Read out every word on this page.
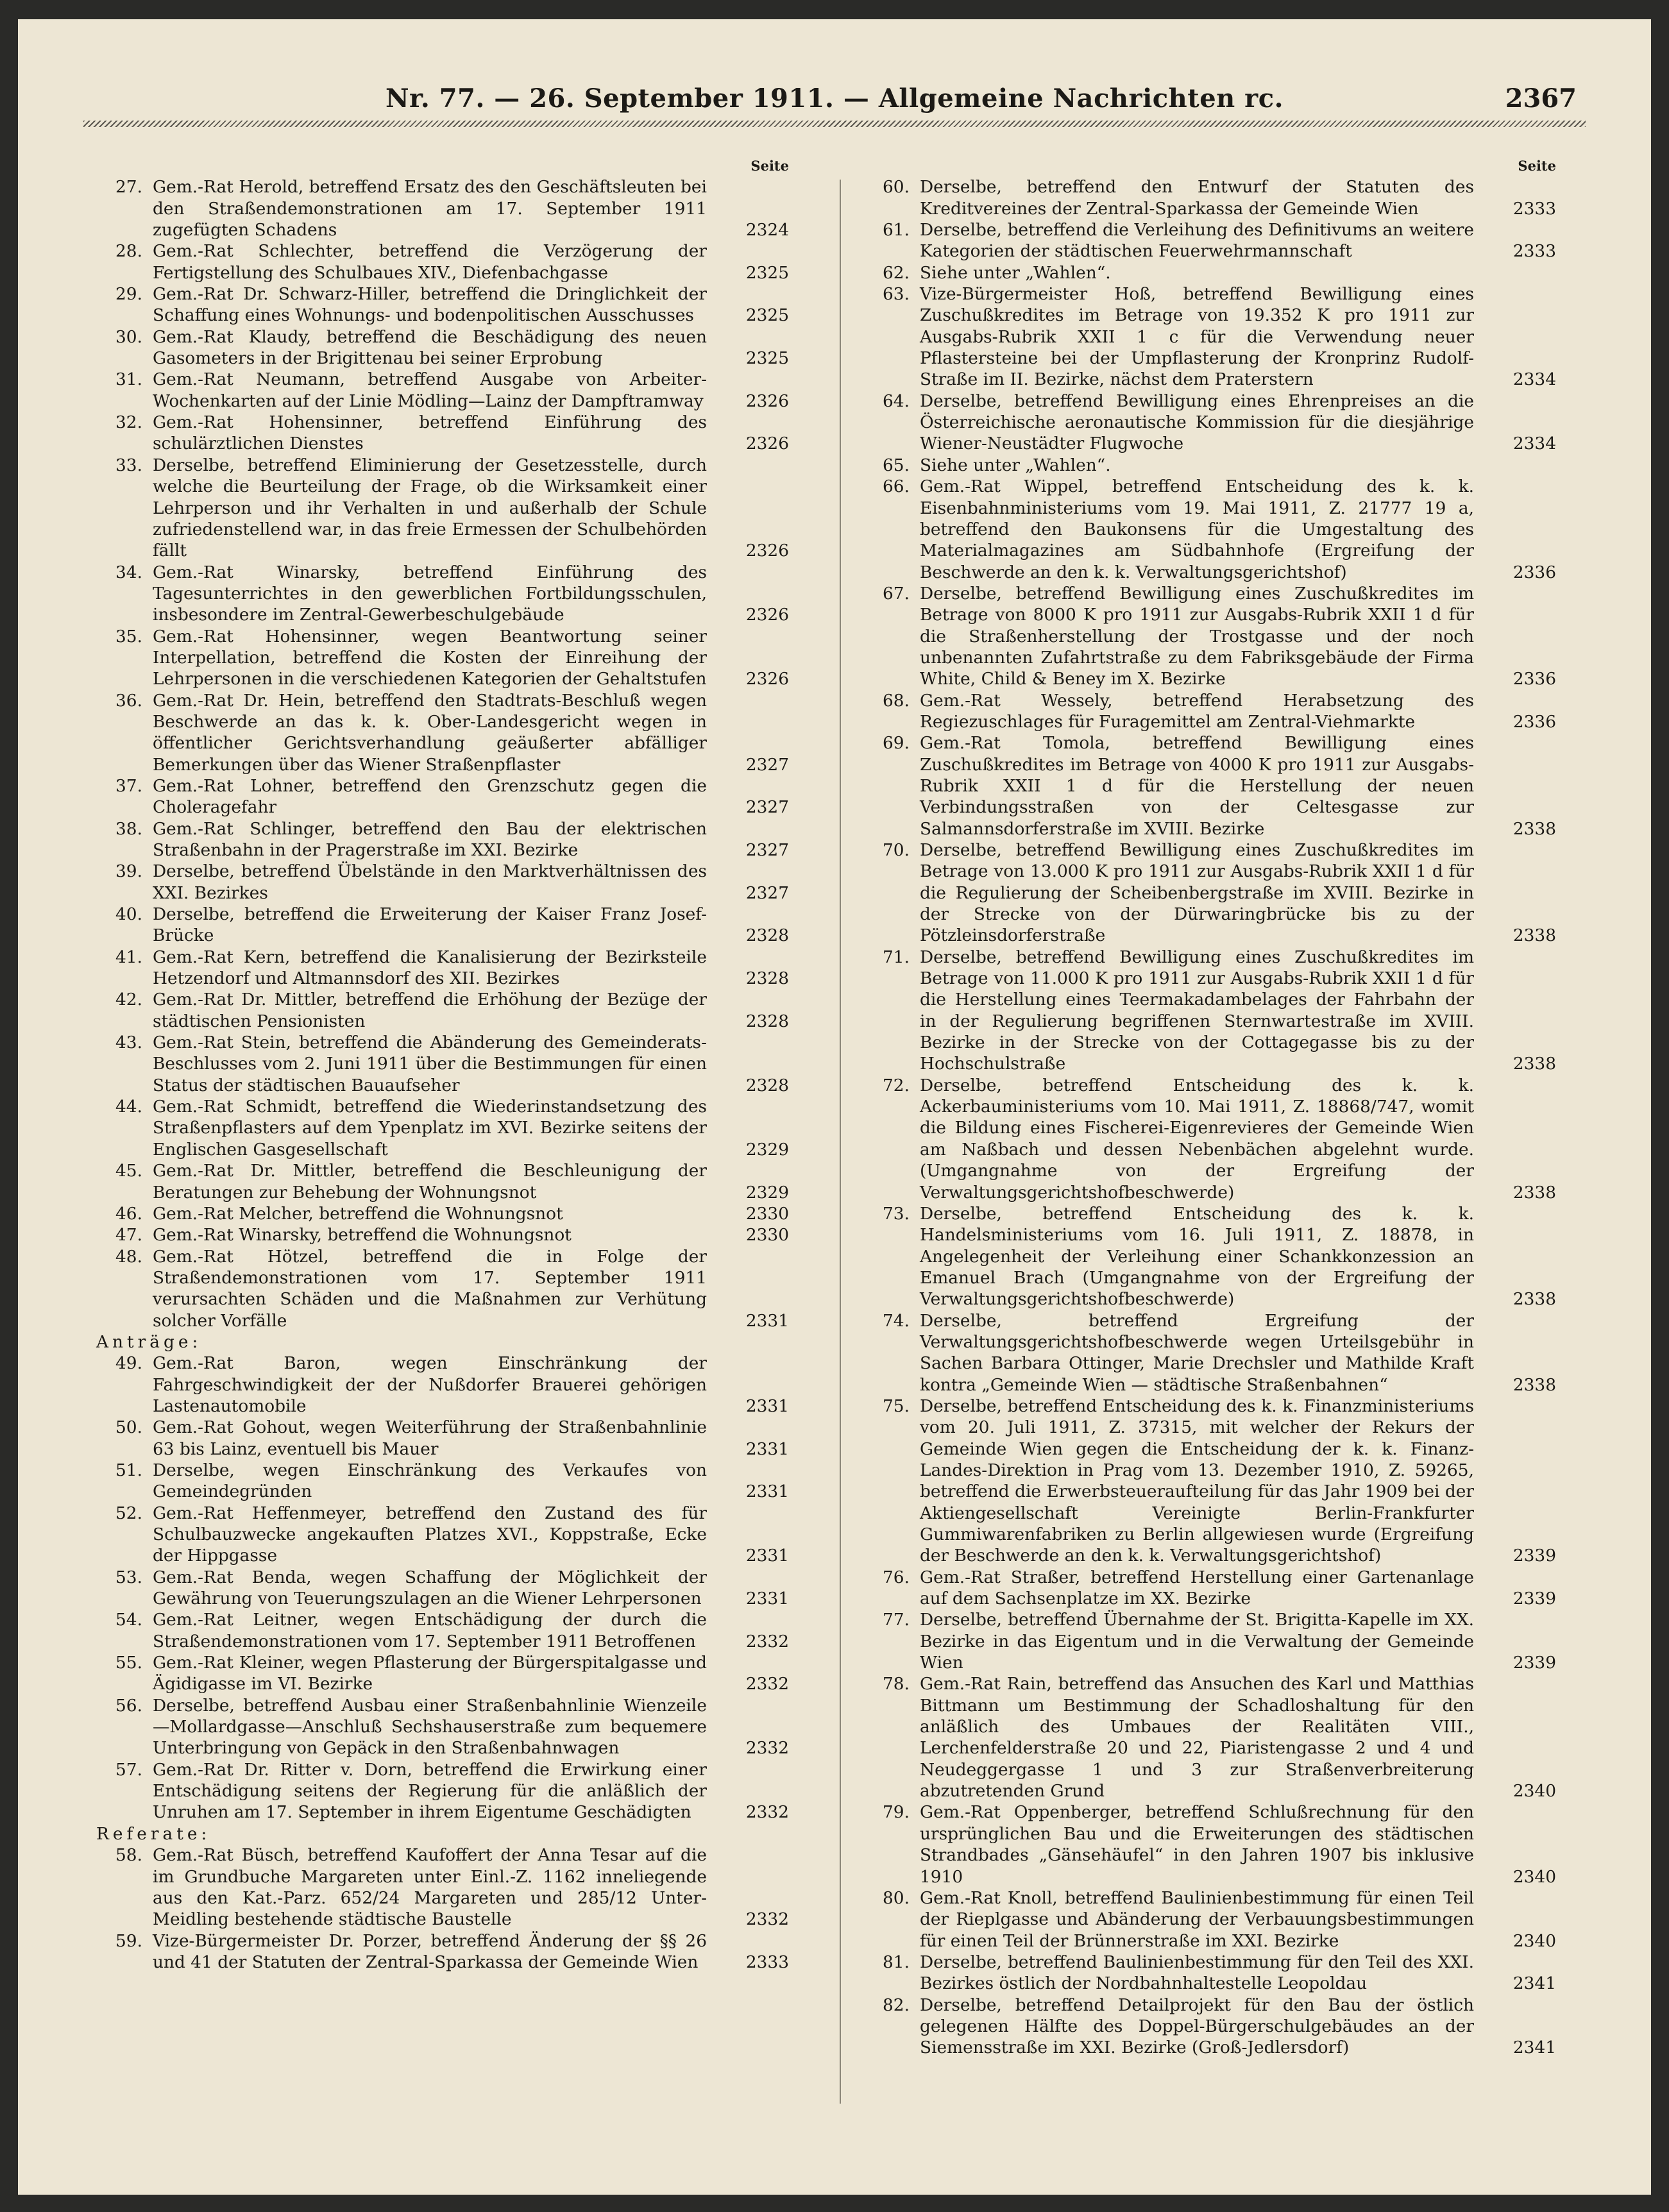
Nr. 77. — 26. September 1911. — Allgemeine Nachrichten rc.	2367
Seite
27. Gem.-Rat Herold, betreffend Ersatz des den Geschäftsleuten bei den Straßendemonstrationen am 17. September 1911 zugefügten Schadens	2324
28. Gem.-Rat Schlechter, betreffend die Verzögerung der Fertigstellung des Schulbaues XIV., Diefenbachgasse	2325
29. Gem.-Rat Dr. Schwarz-Hiller, betreffend die Dringlichkeit der Schaffung eines Wohnungs- und bodenpolitischen Ausschusses	2325
30. Gem.-Rat Klaudy, betreffend die Beschädigung des neuen Gasometers in der Brigittenau bei seiner Erprobung	2325
31. Gem.-Rat Neumann, betreffend Ausgabe von Arbeiter-Wochenkarten auf der Linie Mödling—Lainz der Dampftramway	2326
32. Gem.-Rat Hohensinner, betreffend Einführung des schulärztlichen Dienstes	2326
33. Derselbe, betreffend Eliminierung der Gesetzesstelle, durch welche die Beurteilung der Frage, ob die Wirksamkeit einer Lehrperson und ihr Verhalten in und außerhalb der Schule zufriedenstellend war, in das freie Ermessen der Schulbehörden fällt	2326
34. Gem.-Rat Winarsky, betreffend Einführung des Tagesunterrichtes in den gewerblichen Fortbildungsschulen, insbesondere im Zentral-Gewerbeschulgebäude	2326
35. Gem.-Rat Hohensinner, wegen Beantwortung seiner Interpellation, betreffend die Kosten der Einreihung der Lehrpersonen in die verschiedenen Kategorien der Gehaltstufen	2326
36. Gem.-Rat Dr. Hein, betreffend den Stadtrats-Beschluß wegen Beschwerde an das k. k. Ober-Landesgericht wegen in öffentlicher Gerichtsverhandlung geäußerter abfälliger Bemerkungen über das Wiener Straßenpflaster	2327
37. Gem.-Rat Lohner, betreffend den Grenzschutz gegen die Choleragefahr	2327
38. Gem.-Rat Schlinger, betreffend den Bau der elektrischen Straßenbahn in der Pragerstraße im XXI. Bezirke	2327
39. Derselbe, betreffend Übelstände in den Marktverhältnissen des XXI. Bezirkes	2327
40. Derselbe, betreffend die Erweiterung der Kaiser Franz Josef-Brücke	2328
41. Gem.-Rat Kern, betreffend die Kanalisierung der Bezirksteile Hetzendorf und Altmannsdorf des XII. Bezirkes	2328
42. Gem.-Rat Dr. Mittler, betreffend die Erhöhung der Bezüge der städtischen Pensionisten	2328
43. Gem.-Rat Stein, betreffend die Abänderung des Gemeinderats-Beschlusses vom 2. Juni 1911 über die Bestimmungen für einen Status der städtischen Bauaufseher	2328
44. Gem.-Rat Schmidt, betreffend die Wiederinstandsetzung des Straßenpflasters auf dem Ypenplatz im XVI. Bezirke seitens der Englischen Gasgesellschaft	2329
45. Gem.-Rat Dr. Mittler, betreffend die Beschleunigung der Beratungen zur Behebung der Wohnungsnot	2329
46. Gem.-Rat Melcher, betreffend die Wohnungsnot	2330
47. Gem.-Rat Winarsky, betreffend die Wohnungsnot	2330
48. Gem.-Rat Hötzel, betreffend die in Folge der Straßendemonstrationen vom 17. September 1911 verursachten Schäden und die Maßnahmen zur Verhütung solcher Vorfälle	2331
Anträge:
49. Gem.-Rat Baron, wegen Einschränkung der Fahrgeschwindigkeit der der Nußdorfer Brauerei gehörigen Lastenautomobile	2331
50. Gem.-Rat Gohout, wegen Weiterführung der Straßenbahnlinie 63 bis Lainz, eventuell bis Mauer	2331
51. Derselbe, wegen Einschränkung des Verkaufes von Gemeindegründen	2331
52. Gem.-Rat Heffenmeyer, betreffend den Zustand des für Schulbauzwecke angekauften Platzes XVI., Koppstraße, Ecke der Hippgasse	2331
53. Gem.-Rat Benda, wegen Schaffung der Möglichkeit der Gewährung von Teuerungszulagen an die Wiener Lehrpersonen	2331
54. Gem.-Rat Leitner, wegen Entschädigung der durch die Straßendemonstrationen vom 17. September 1911 Betroffenen	2332
55. Gem.-Rat Kleiner, wegen Pflasterung der Bürgerspitalgasse und Ägidigasse im VI. Bezirke	2332
56. Derselbe, betreffend Ausbau einer Straßenbahnlinie Wienzeile—Mollardgasse—Anschluß Sechshauserstraße zum bequemere Unterbringung von Gepäck in den Straßenbahnwagen	2332
57. Gem.-Rat Dr. Ritter v. Dorn, betreffend die Erwirkung einer Entschädigung seitens der Regierung für die anläßlich der Unruhen am 17. September in ihrem Eigentume Geschädigten	2332
Referate:
58. Gem.-Rat Büsch, betreffend Kaufoffert der Anna Tesar auf die im Grundbuche Margareten unter Einl.-Z. 1162 inneliegende aus den Kat.-Parz. 652/24 Margareten und 285/12 Unter-Meidling bestehende städtische Baustelle	2332
59. Vize-Bürgermeister Dr. Porzer, betreffend Änderung der §§ 26 und 41 der Statuten der Zentral-Sparkassa der Gemeinde Wien	2333
Seite
60. Derselbe, betreffend den Entwurf der Statuten des Kreditvereines der Zentral-Sparkassa der Gemeinde Wien	2333
61. Derselbe, betreffend die Verleihung des Definitivums an weitere Kategorien der städtischen Feuerwehrmannschaft	2333
62. Siehe unter „Wahlen“.
63. Vize-Bürgermeister Hoß, betreffend Bewilligung eines Zuschußkredites im Betrage von 19.352 K pro 1911 zur Ausgabs-Rubrik XXII 1 c für die Verwendung neuer Pflastersteine bei der Umpflasterung der Kronprinz Rudolf-Straße im II. Bezirke, nächst dem Praterstern	2334
64. Derselbe, betreffend Bewilligung eines Ehrenpreises an die Österreichische aeronautische Kommission für die diesjährige Wiener-Neustädter Flugwoche	2334
65. Siehe unter „Wahlen“.
66. Gem.-Rat Wippel, betreffend Entscheidung des k. k. Eisenbahnministeriums vom 19. Mai 1911, Z. 21777 19 a, betreffend den Baukonsens für die Umgestaltung des Materialmagazines am Südbahnhofe (Ergreifung der Beschwerde an den k. k. Verwaltungsgerichtshof)	2336
67. Derselbe, betreffend Bewilligung eines Zuschußkredites im Betrage von 8000 K pro 1911 zur Ausgabs-Rubrik XXII 1 d für die Straßenherstellung der Trostgasse und der noch unbenannten Zufahrtstraße zu dem Fabriksgebäude der Firma White, Child & Beney im X. Bezirke	2336
68. Gem.-Rat Wessely, betreffend Herabsetzung des Regiezuschlages für Furagemittel am Zentral-Viehmarkte	2336
69. Gem.-Rat Tomola, betreffend Bewilligung eines Zuschußkredites im Betrage von 4000 K pro 1911 zur Ausgabs-Rubrik XXII 1 d für die Herstellung der neuen Verbindungsstraßen von der Celtesgasse zur Salmannsdorferstraße im XVIII. Bezirke	2338
70. Derselbe, betreffend Bewilligung eines Zuschußkredites im Betrage von 13.000 K pro 1911 zur Ausgabs-Rubrik XXII 1 d für die Regulierung der Scheibenbergstraße im XVIII. Bezirke in der Strecke von der Dürwaringbrücke bis zu der Pötzleinsdorferstraße	2338
71. Derselbe, betreffend Bewilligung eines Zuschußkredites im Betrage von 11.000 K pro 1911 zur Ausgabs-Rubrik XXII 1 d für die Herstellung eines Teermakadambelages der Fahrbahn der in der Regulierung begriffenen Sternwartestraße im XVIII. Bezirke in der Strecke von der Cottagegasse bis zu der Hochschulstraße	2338
72. Derselbe, betreffend Entscheidung des k. k. Ackerbauministeriums vom 10. Mai 1911, Z. 18868/747, womit die Bildung eines Fischerei-Eigenrevieres der Gemeinde Wien am Naßbach und dessen Nebenbächen abgelehnt wurde. (Umgangnahme von der Ergreifung der Verwaltungsgerichtshofbeschwerde)	2338
73. Derselbe, betreffend Entscheidung des k. k. Handelsministeriums vom 16. Juli 1911, Z. 18878, in Angelegenheit der Verleihung einer Schankkonzession an Emanuel Brach (Umgangnahme von der Ergreifung der Verwaltungsgerichtshofbeschwerde)	2338
74. Derselbe, betreffend Ergreifung der Verwaltungsgerichtshofbeschwerde wegen Urteilsgebühr in Sachen Barbara Ottinger, Marie Drechsler und Mathilde Kraft kontra „Gemeinde Wien — städtische Straßenbahnen“	2338
75. Derselbe, betreffend Entscheidung des k. k. Finanzministeriums vom 20. Juli 1911, Z. 37315, mit welcher der Rekurs der Gemeinde Wien gegen die Entscheidung der k. k. Finanz-Landes-Direktion in Prag vom 13. Dezember 1910, Z. 59265, betreffend die Erwerbsteueraufteilung für das Jahr 1909 bei der Aktiengesellschaft Vereinigte Berlin-Frankfurter Gummiwarenfabriken zu Berlin allgewiesen wurde (Ergreifung der Beschwerde an den k. k. Verwaltungsgerichtshof)	2339
76. Gem.-Rat Straßer, betreffend Herstellung einer Gartenanlage auf dem Sachsenplatze im XX. Bezirke	2339
77. Derselbe, betreffend Übernahme der St. Brigitta-Kapelle im XX. Bezirke in das Eigentum und in die Verwaltung der Gemeinde Wien	2339
78. Gem.-Rat Rain, betreffend das Ansuchen des Karl und Matthias Bittmann um Bestimmung der Schadloshaltung für den anläßlich des Umbaues der Realitäten VIII., Lerchenfelderstraße 20 und 22, Piaristengasse 2 und 4 und Neudeggergasse 1 und 3 zur Straßenverbreiterung abzutretenden Grund	2340
79. Gem.-Rat Oppenberger, betreffend Schlußrechnung für den ursprünglichen Bau und die Erweiterungen des städtischen Strandbades „Gänsehäufel“ in den Jahren 1907 bis inklusive 1910	2340
80. Gem.-Rat Knoll, betreffend Baulinienbestimmung für einen Teil der Rieplgasse und Abänderung der Verbauungsbestimmungen für einen Teil der Brünnerstraße im XXI. Bezirke	2340
81. Derselbe, betreffend Baulinienbestimmung für den Teil des XXI. Bezirkes östlich der Nordbahnhaltestelle Leopoldau	2341
82. Derselbe, betreffend Detailprojekt für den Bau der östlich gelegenen Hälfte des Doppel-Bürgerschulgebäudes an der Siemensstraße im XXI. Bezirke (Groß-Jedlersdorf)	2341
